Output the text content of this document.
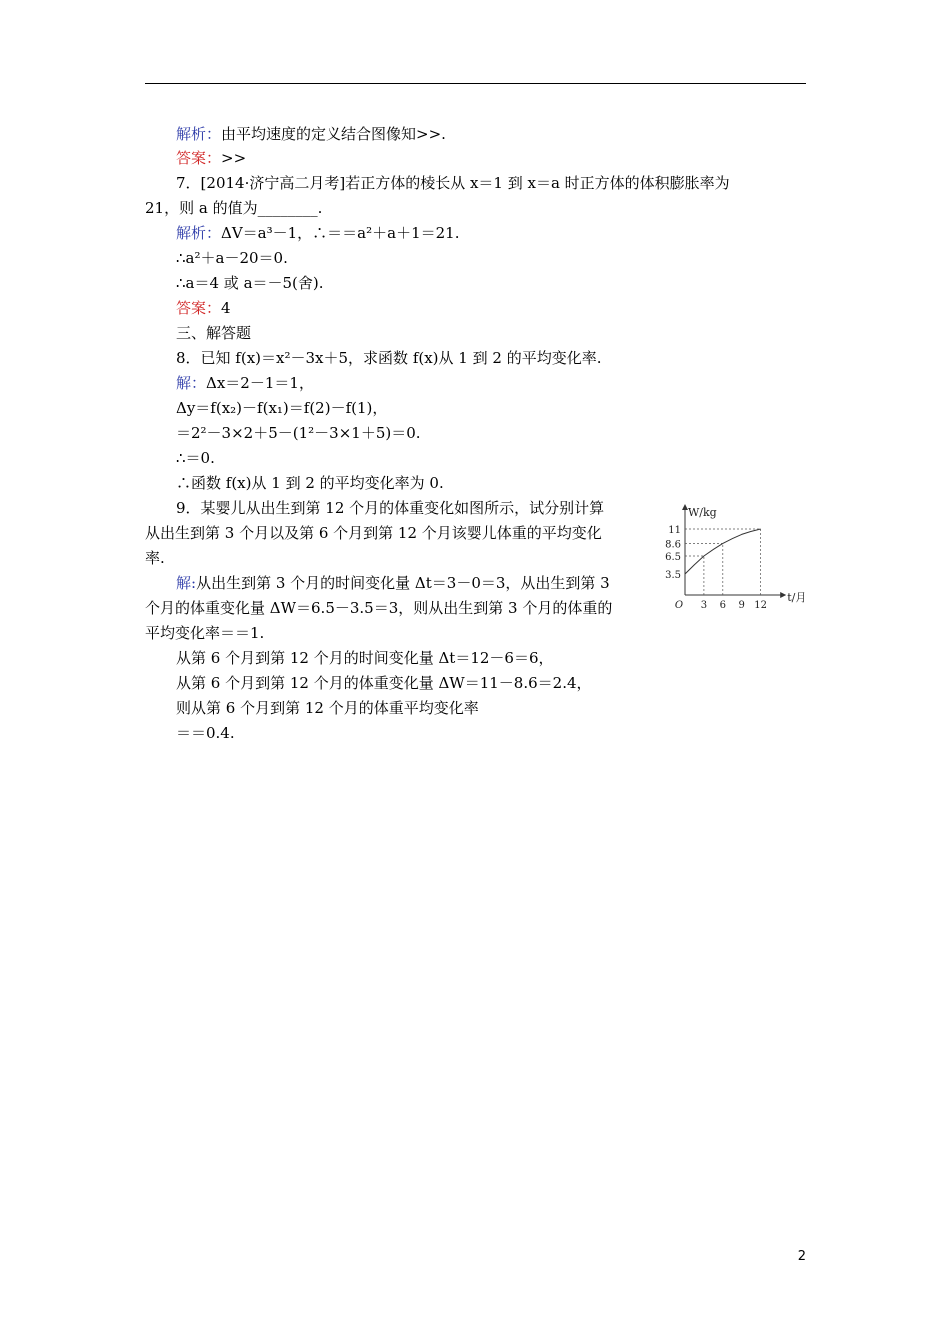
解析：由平均速度的定义结合图像知>>.
答案：>>
7．[2014·济宁高二月考]若正方体的棱长从 x＝1 到 x＝a 时正方体的体积膨胀率为
21，则 a 的值为________.
解析：ΔV＝a³－1，∴＝＝a²＋a＋1＝21.
∴a²＋a－20＝0.
∴a＝4 或 a＝－5(舍).
答案：4
三、解答题
8．已知 f(x)＝x²－3x＋5，求函数 f(x)从 1 到 2 的平均变化率.
解：Δx＝2－1＝1，
Δy＝f(x₂)－f(x₁)＝f(2)－f(1)，
＝2²－3×2＋5－(1²－3×1＋5)＝0.
∴＝0.
∴函数 f(x)从 1 到 2 的平均变化率为 0.
9．某婴儿从出生到第 12 个月的体重变化如图所示，试分别计算
从出生到第 3 个月以及第 6 个月到第 12 个月该婴儿体重的平均变化
率.
解:从出生到第 3 个月的时间变化量 Δt＝3－0＝3，从出生到第 3
个月的体重变化量 ΔW＝6.5－3.5＝3，则从出生到第 3 个月的体重的
平均变化率＝＝1.
从第 6 个月到第 12 个月的时间变化量 Δt＝12－6＝6，
从第 6 个月到第 12 个月的体重变化量 ΔW＝11－8.6＝2.4，
则从第 6 个月到第 12 个月的体重平均变化率
＝＝0.4.
3.5
6.5
8.6
11
3 6 9 12
O
t/月
W/kg
2
